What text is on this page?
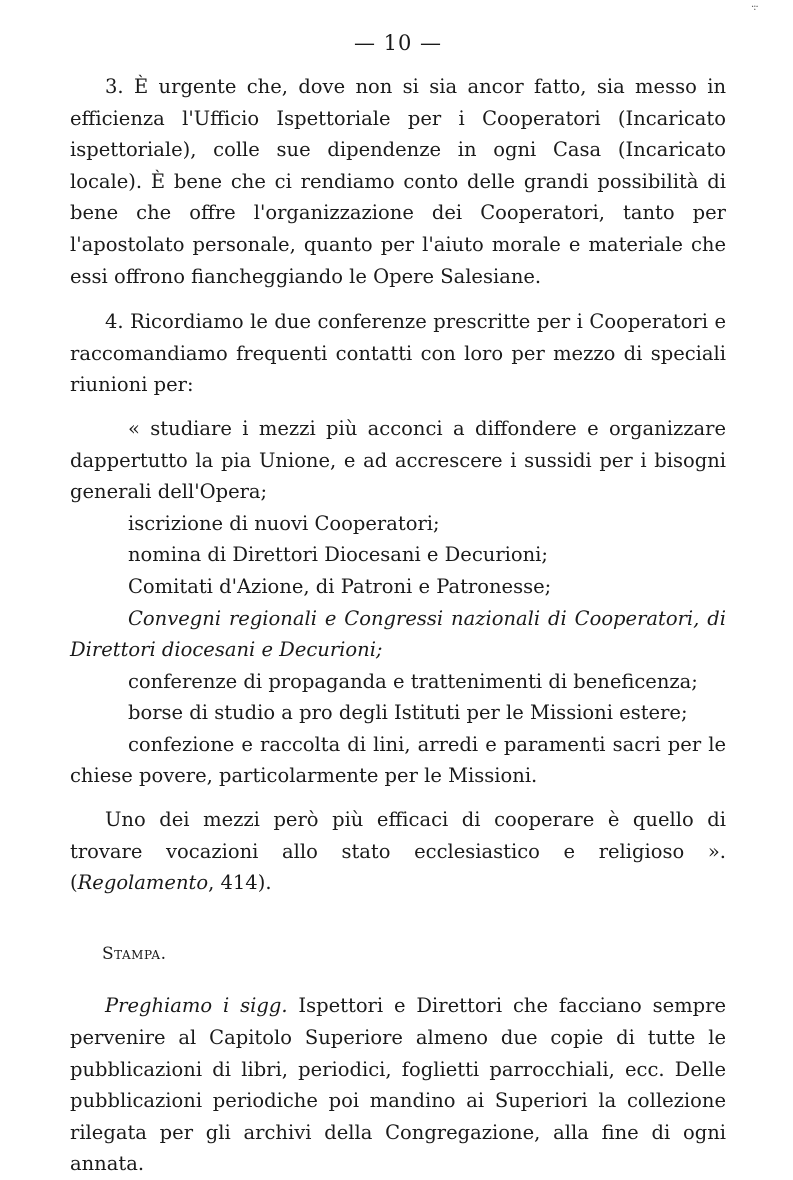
·:·
— 10 —

3. È urgente che, dove non si sia ancor fatto, sia messo in efficienza l'Ufficio Ispettoriale per i Cooperatori (Incaricato ispettoriale), colle sue dipendenze in ogni Casa (Incaricato locale). È bene che ci rendiamo conto delle grandi possibilità di bene che offre l'organizzazione dei Cooperatori, tanto per l'apostolato personale, quanto per l'aiuto morale e materiale che essi offrono fiancheggiando le Opere Salesiane.

4. Ricordiamo le due conferenze prescritte per i Cooperatori e raccomandiamo frequenti contatti con loro per mezzo di speciali riunioni per:

« studiare i mezzi più acconci a diffondere e organizzare dappertutto la pia Unione, e ad accrescere i sussidi per i bisogni generali dell'Opera;

iscrizione di nuovi Cooperatori;

nomina di Direttori Diocesani e Decurioni;

Comitati d'Azione, di Patroni e Patronesse;

Convegni regionali e Congressi nazionali di Cooperatori, di Direttori diocesani e Decurioni;

conferenze di propaganda e trattenimenti di beneficenza;

borse di studio a pro degli Istituti per le Missioni estere;

confezione e raccolta di lini, arredi e paramenti sacri per le chiese povere, particolarmente per le Missioni.

Uno dei mezzi però più efficaci di cooperare è quello di trovare vocazioni allo stato ecclesiastico e religioso ». (Regolamento, 414).

Stampa.

Preghiamo i sigg. Ispettori e Direttori che facciano sempre pervenire al Capitolo Superiore almeno due copie di tutte le pubblicazioni di libri, periodici, foglietti parrocchiali, ecc. Delle pubblicazioni periodiche poi mandino ai Superiori la collezione rilegata per gli archivi della Congregazione, alla fine di ogni annata.
